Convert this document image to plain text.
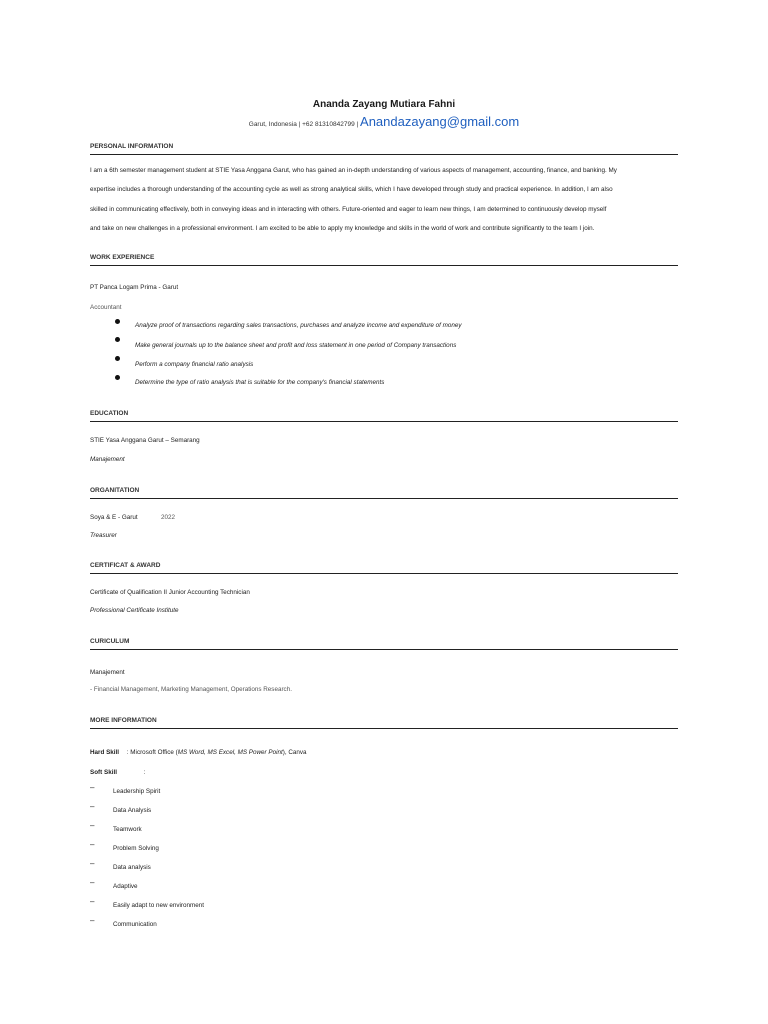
Ananda Zayang Mutiara Fahni
Garut, Indonesia | +62 81310842799 | Anandazayang@gmail.com
PERSONAL INFORMATION
I am a 6th semester management student at STIE Yasa Anggana Garut, who has gained an in-depth understanding of various aspects of management, accounting, finance, and banking. My
expertise includes a thorough understanding of the accounting cycle as well as strong analytical skills, which I have developed through study and practical experience. In addition, I am also
skilled in communicating effectively, both in conveying ideas and in interacting with others. Future-oriented and eager to learn new things, I am determined to continuously develop myself
and take on new challenges in a professional environment. I am excited to be able to apply my knowledge and skills in the world of work and contribute significantly to the team I join.
WORK EXPERIENCE
PT Panca Logam Prima - Garut
Accountant
Analyze proof of transactions regarding sales transactions, purchases and analyze income and expenditure of money
Make general journals up to the balance sheet and profit and loss statement in one period of Company transactions
Perform a company financial ratio analysis
Determine the type of ratio analysis that is suitable for the company's financial statements
EDUCATION
STIE Yasa Anggana Garut – Semarang
Manajement
ORGANITATION
Soya & E - Garut	2022
Treasurer
CERTIFICAT & AWARD
Certificate of Qualification II Junior Accounting Technician
Professional Certificate Institute
CURICULUM
Manajement
- Financial Management, Marketing Management, Operations Research.
MORE INFORMATION
Hard Skill : Microsoft Office (MS Word, MS Excel, MS Power Point), Canva
Soft Skill	:
–	Leadership Spirit
–	Data Analysis
–	Teamwork
–	Problem Solving
–	Data analysis
–	Adaptive
–	Easily adapt to new environment
–	Communication
